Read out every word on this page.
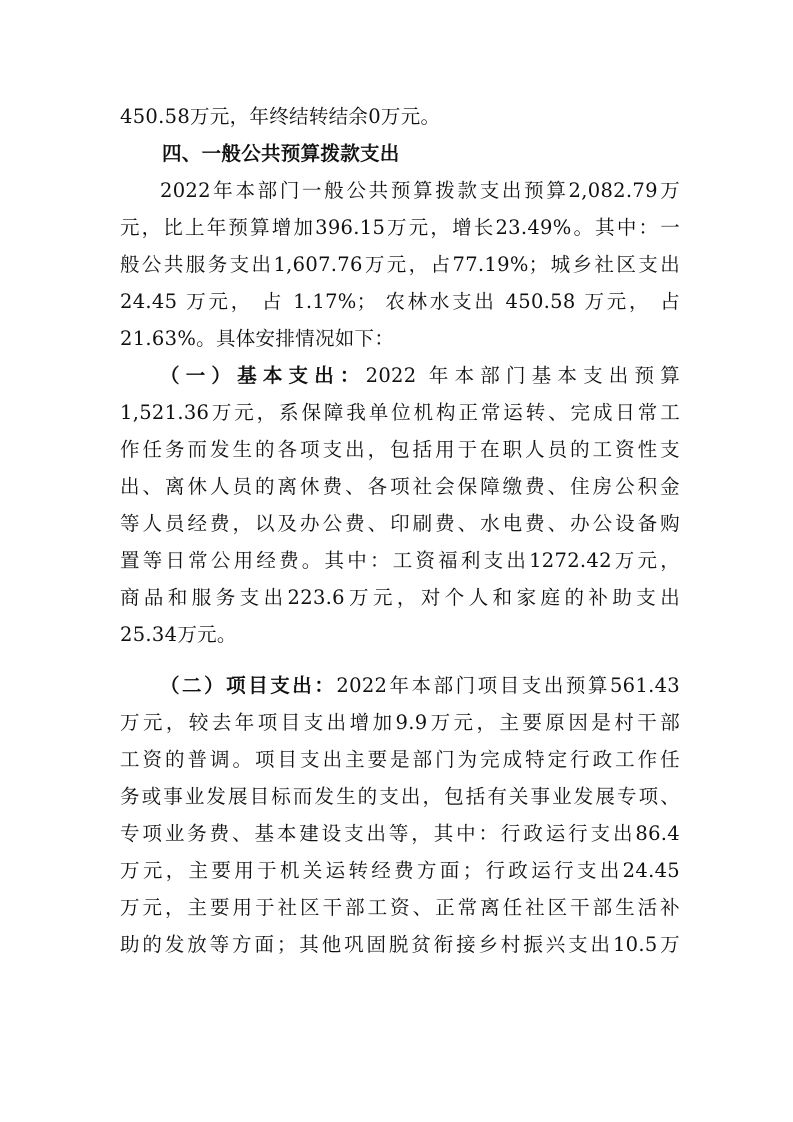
450.58万元，年终结转结余0万元。
四、一般公共预算拨款支出
2022年本部门一般公共预算拨款支出预算2,082.79万
元，比上年预算增加396.15万元，增长23.49%。其中：一
般公共服务支出1,607.76万元，占77.19%；城乡社区支出
24.45 万元， 占 1.17%； 农林水支出 450.58 万元， 占
21.63%。具体安排情况如下：
（一）基本支出：2022 年本部门基本支出预算
1,521.36万元，系保障我单位机构正常运转、完成日常工
作任务而发生的各项支出，包括用于在职人员的工资性支
出、离休人员的离休费、各项社会保障缴费、住房公积金
等人员经费，以及办公费、印刷费、水电费、办公设备购
置等日常公用经费。其中：工资福利支出1272.42万元，
商品和服务支出223.6万元，对个人和家庭的补助支出
25.34万元。
（二）项目支出：2022年本部门项目支出预算561.43
万元，较去年项目支出增加9.9万元，主要原因是村干部
工资的普调。项目支出主要是部门为完成特定行政工作任
务或事业发展目标而发生的支出，包括有关事业发展专项、
专项业务费、基本建设支出等，其中：行政运行支出86.4
万元，主要用于机关运转经费方面；行政运行支出24.45
万元，主要用于社区干部工资、正常离任社区干部生活补
助的发放等方面；其他巩固脱贫衔接乡村振兴支出10.5万
